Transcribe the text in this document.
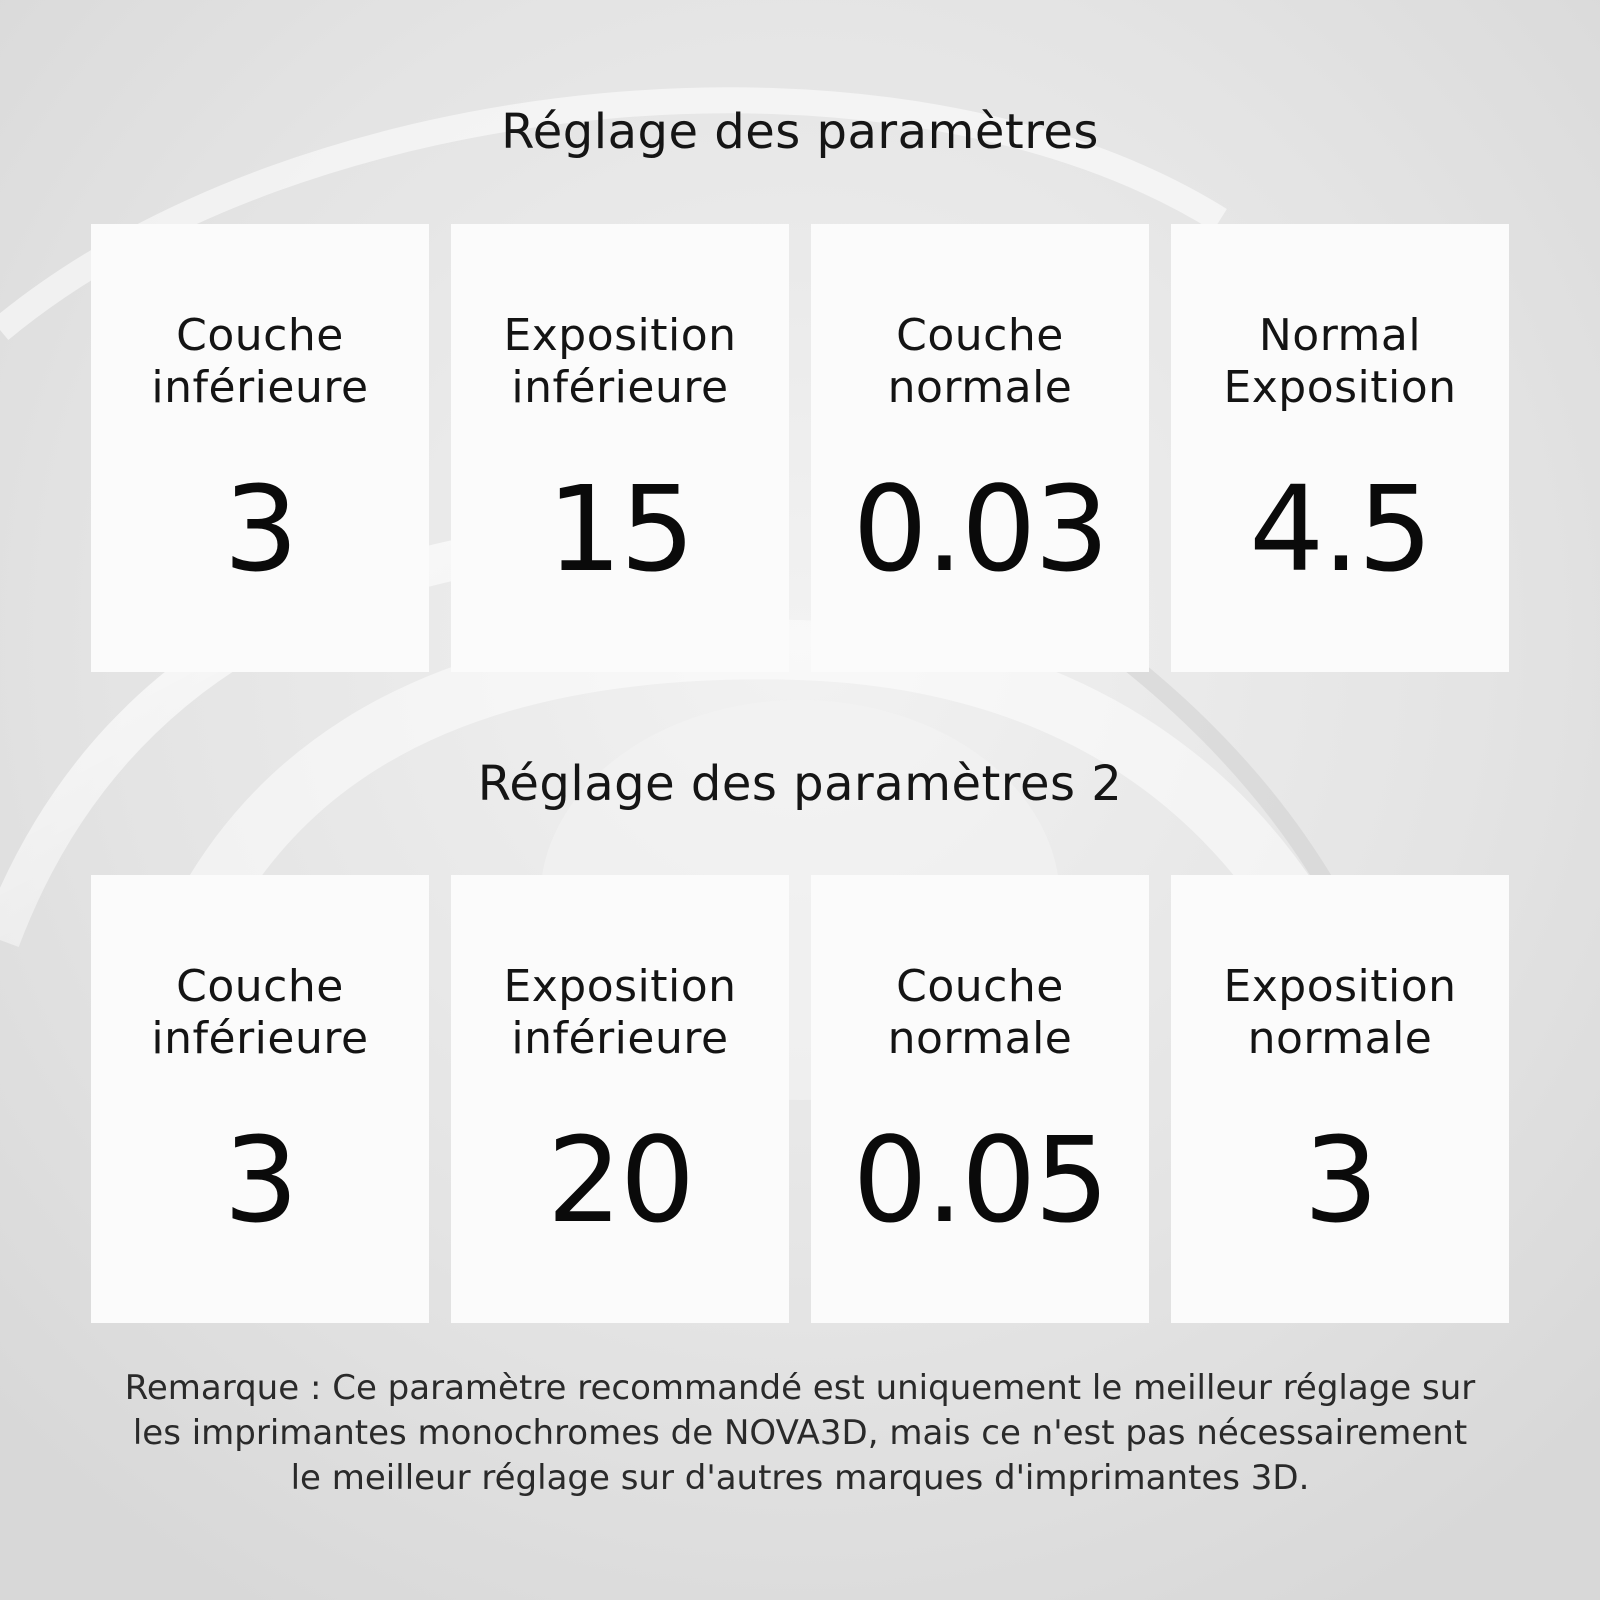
Réglage des paramètres
Couche
inférieure
3
Exposition
inférieure
15
Couche
normale
0.03
Normal
Exposition
4.5
Réglage des paramètres 2
Couche
inférieure
3
Exposition
inférieure
20
Couche
normale
0.05
Exposition
normale
3

Remarque : Ce paramètre recommandé est uniquement le meilleur réglage sur
les imprimantes monochromes de NOVA3D, mais ce n'est pas nécessairement
le meilleur réglage sur d'autres marques d'imprimantes 3D.
